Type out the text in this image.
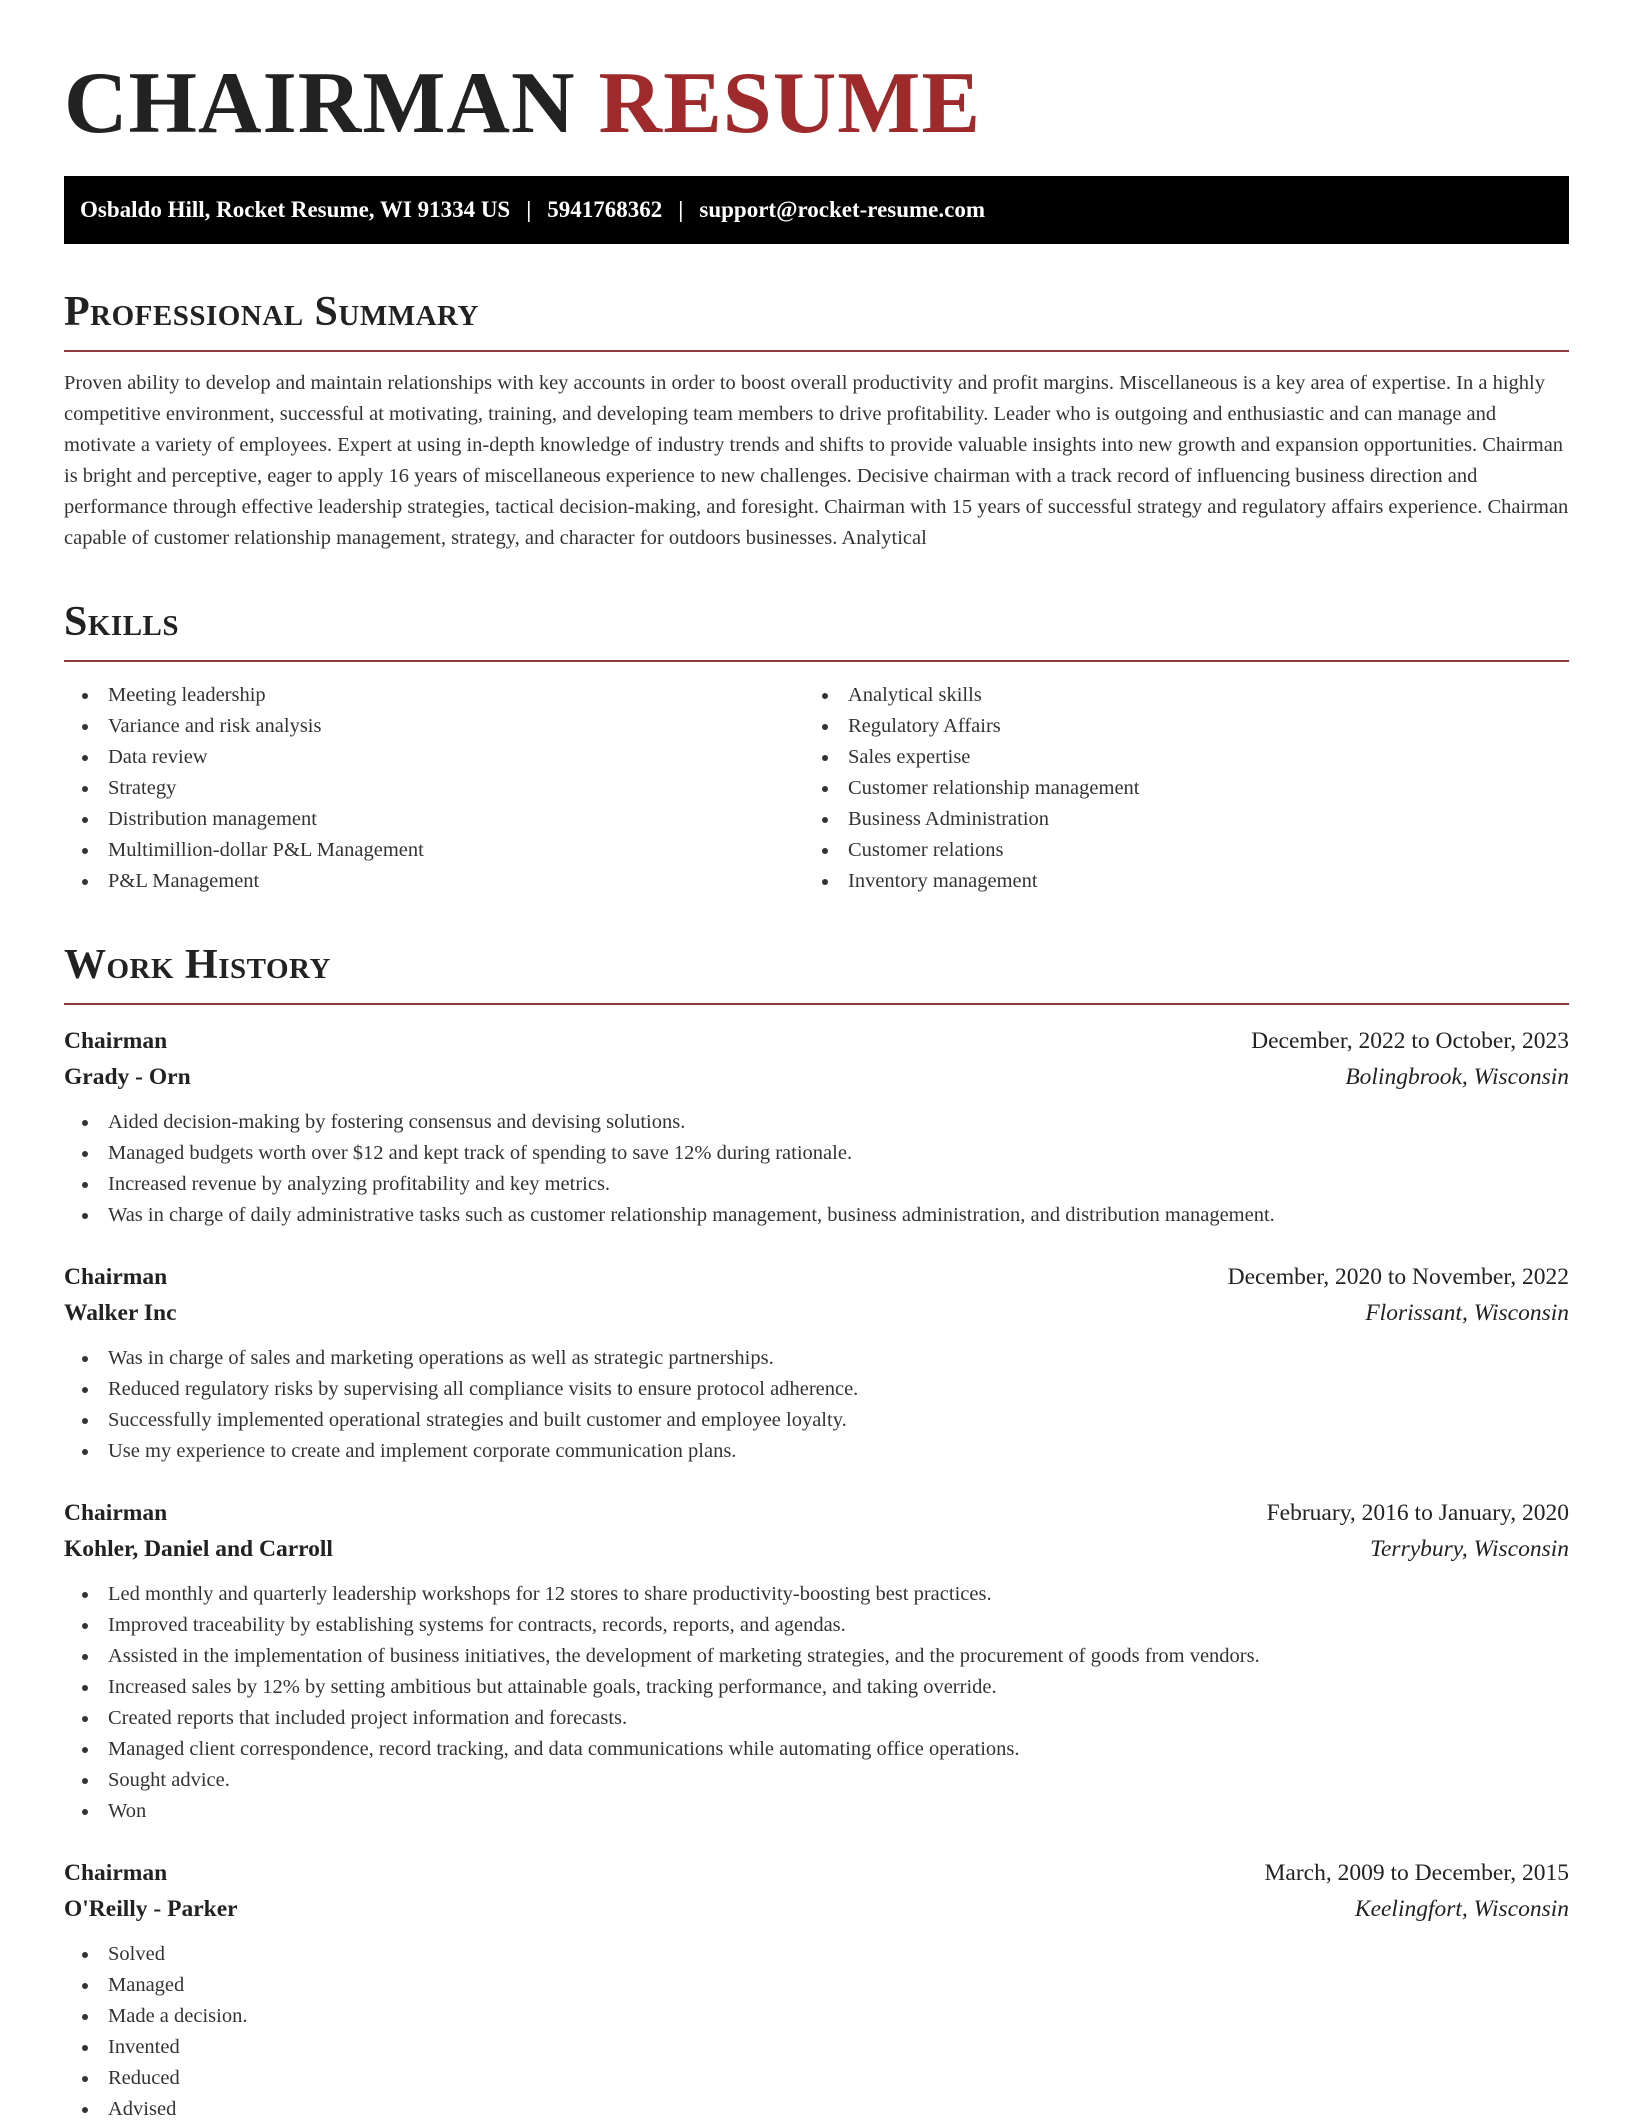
CHAIRMAN RESUME
Osbaldo Hill, Rocket Resume, WI 91334 US | 5941768362 | support@rocket-resume.com
Professional Summary

Proven ability to develop and maintain relationships with key accounts in order to boost overall productivity and profit margins. Miscellaneous is a key area of expertise. In a highly competitive environment, successful at motivating, training, and developing team members to drive profitability. Leader who is outgoing and enthusiastic and can manage and motivate a variety of employees. Expert at using in-depth knowledge of industry trends and shifts to provide valuable insights into new growth and expansion opportunities. Chairman is bright and perceptive, eager to apply 16 years of miscellaneous experience to new challenges. Decisive chairman with a track record of influencing business direction and performance through effective leadership strategies, tactical decision-making, and foresight. Chairman with 15 years of successful strategy and regulatory affairs experience. Chairman capable of customer relationship management, strategy, and character for outdoors businesses. Analytical

Skills
Meeting leadership
Variance and risk analysis
Data review
Strategy
Distribution management
Multimillion-dollar P&L Management
P&L Management
Analytical skills
Regulatory Affairs
Sales expertise
Customer relationship management
Business Administration
Customer relations
Inventory management
Work History
Chairman	December, 2022 to October, 2023
Grady - Orn	Bolingbrook, Wisconsin
Aided decision-making by fostering consensus and devising solutions.
Managed budgets worth over $12 and kept track of spending to save 12% during rationale.
Increased revenue by analyzing profitability and key metrics.
Was in charge of daily administrative tasks such as customer relationship management, business administration, and distribution management.
Chairman	December, 2020 to November, 2022
Walker Inc	Florissant, Wisconsin
Was in charge of sales and marketing operations as well as strategic partnerships.
Reduced regulatory risks by supervising all compliance visits to ensure protocol adherence.
Successfully implemented operational strategies and built customer and employee loyalty.
Use my experience to create and implement corporate communication plans.
Chairman	February, 2016 to January, 2020
Kohler, Daniel and Carroll	Terrybury, Wisconsin
Led monthly and quarterly leadership workshops for 12 stores to share productivity-boosting best practices.
Improved traceability by establishing systems for contracts, records, reports, and agendas.
Assisted in the implementation of business initiatives, the development of marketing strategies, and the procurement of goods from vendors.
Increased sales by 12% by setting ambitious but attainable goals, tracking performance, and taking override.
Created reports that included project information and forecasts.
Managed client correspondence, record tracking, and data communications while automating office operations.
Sought advice.
Won
Chairman	March, 2009 to December, 2015
O'Reilly - Parker	Keelingfort, Wisconsin
Solved
Managed
Made a decision.
Invented
Reduced
Advised
